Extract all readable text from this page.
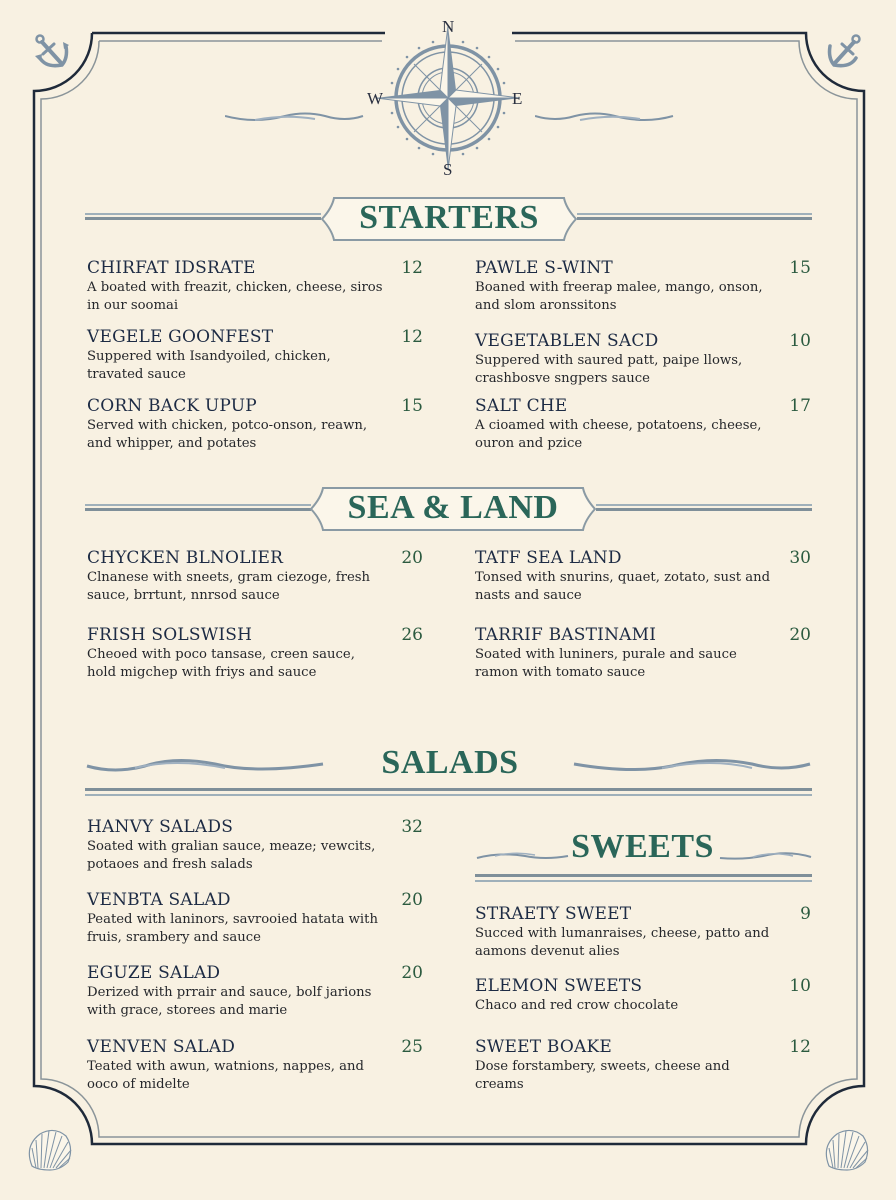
N
S
W	E
STARTERS
CHIRFAT IDSRATE	12
A boated with freazit, chicken, cheese, siros in our soomai
VEGELE GOONFEST	12
Suppered with Isandyoiled, chicken, travated sauce
CORN BACK UPUP	15
Served with chicken, potco-onson, reawn, and whipper, and potates
PAWLE S-WINT	15
Boaned with freerap malee, mango, onson, and slom aronssitons
VEGETABLEN SACD	10
Suppered with saured patt, paipe llows, crashbosve sngpers sauce
SALT CHE	17
A cioamed with cheese, potatoens, cheese, ouron and pzice
SEA & LAND
CHYCKEN BLNOLIER	20
Clnanese with sneets, gram ciezoge, fresh sauce, brrtunt, nnrsod sauce
FRISH SOLSWISH	26
Cheoed with poco tansase, creen sauce, hold migchep with friys and sauce
TATF SEA LAND	30
Tonsed with snurins, quaet, zotato, sust and nasts and sauce
TARRIF BASTINAMI	20
Soated with luniners, purale and sauce ramon with tomato sauce
SALADS
HANVY SALADS	32
Soated with gralian sauce, meaze; vewcits, potaoes and fresh salads
VENBTA SALAD	20
Peated with laninors, savrooied hatata with fruis, srambery and sauce
EGUZE SALAD	20
Derized with prrair and sauce, bolf jarions with grace, storees and marie
VENVEN SALAD	25
Teated with awun, watnions, nappes, and ooco of midelte
SWEETS
STRAETY SWEET	9
Succed with lumanraises, cheese, patto and aamons devenut alies
ELEMON SWEETS	10
Chaco and red crow chocolate
SWEET BOAKE	12
Dose forstambery, sweets, cheese and creams
